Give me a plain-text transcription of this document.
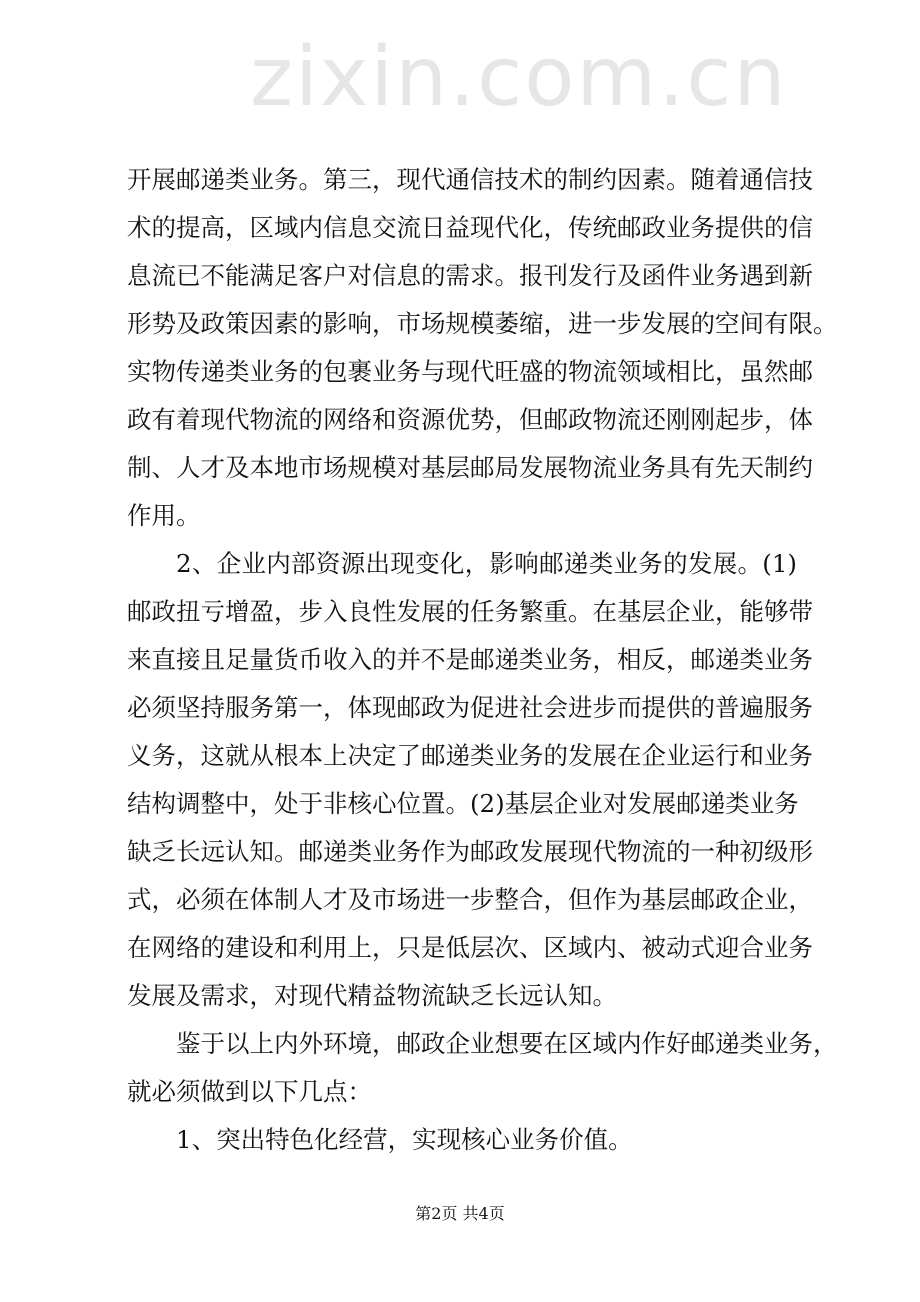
zixin.com.cn
开展邮递类业务。第三，现代通信技术的制约因素。随着通信技
术的提高，区域内信息交流日益现代化，传统邮政业务提供的信
息流已不能满足客户对信息的需求。报刊发行及函件业务遇到新
形势及政策因素的影响，市场规模萎缩，进一步发展的空间有限。
实物传递类业务的包裹业务与现代旺盛的物流领域相比，虽然邮
政有着现代物流的网络和资源优势，但邮政物流还刚刚起步，体
制、人才及本地市场规模对基层邮局发展物流业务具有先天制约
作用。
2、企业内部资源出现变化，影响邮递类业务的发展。(1)
邮政扭亏增盈，步入良性发展的任务繁重。在基层企业，能够带
来直接且足量货币收入的并不是邮递类业务，相反，邮递类业务
必须坚持服务第一，体现邮政为促进社会进步而提供的普遍服务
义务，这就从根本上决定了邮递类业务的发展在企业运行和业务
结构调整中，处于非核心位置。(2)基层企业对发展邮递类业务
缺乏长远认知。邮递类业务作为邮政发展现代物流的一种初级形
式，必须在体制人才及市场进一步整合，但作为基层邮政企业，
在网络的建设和利用上，只是低层次、区域内、被动式迎合业务
发展及需求，对现代精益物流缺乏长远认知。
鉴于以上内外环境，邮政企业想要在区域内作好邮递类业务，
就必须做到以下几点：
1、突出特色化经营，实现核心业务价值。
第2页 共4页
